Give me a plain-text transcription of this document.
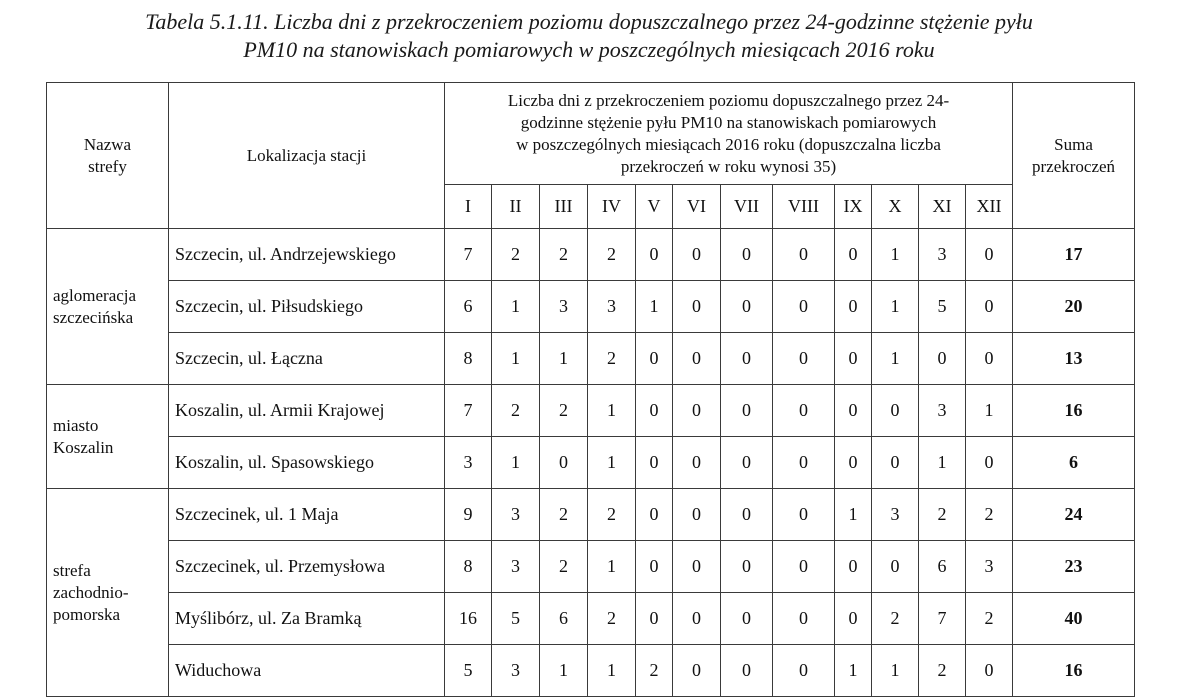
Tabela 5.1.11. Liczba dni z przekroczeniem poziomu dopuszczalnego przez 24-godzinne stężenie pyłu
PM10 na stanowiskach pomiarowych w poszczególnych miesiącach 2016 roku
Nazwa
strefy	Lokalizacja stacji	Liczba dni z przekroczeniem poziomu dopuszczalnego przez 24-
godzinne stężenie pyłu PM10 na stanowiskach pomiarowych
w poszczególnych miesiącach 2016 roku (dopuszczalna liczba
przekroczeń w roku wynosi 35)												Suma
przekroczeń

		I	II	III	IV	V	VI	VII	VIII	IX	X	XI	XII	

aglomeracja
szczecińska	Szczecin, ul. Andrzejewskiego	7	2	2	2	0	0	0	0	0	1	3	0	17
	Szczecin, ul. Piłsudskiego	6	1	3	3	1	0	0	0	0	1	5	0	20
	Szczecin, ul. Łączna	8	1	1	2	0	0	0	0	0	1	0	0	13

miasto
Koszalin	Koszalin, ul. Armii Krajowej	7	2	2	1	0	0	0	0	0	0	3	1	16
	Koszalin, ul. Spasowskiego	3	1	0	1	0	0	0	0	0	0	1	0	6

strefa
zachodnio-
pomorska	Szczecinek, ul. 1 Maja	9	3	2	2	0	0	0	0	1	3	2	2	24
	Szczecinek, ul. Przemysłowa	8	3	2	1	0	0	0	0	0	0	6	3	23
	Myślibórz, ul. Za Bramką	16	5	6	2	0	0	0	0	0	2	7	2	40
	Widuchowa	5	3	1	1	2	0	0	0	1	1	2	0	16
